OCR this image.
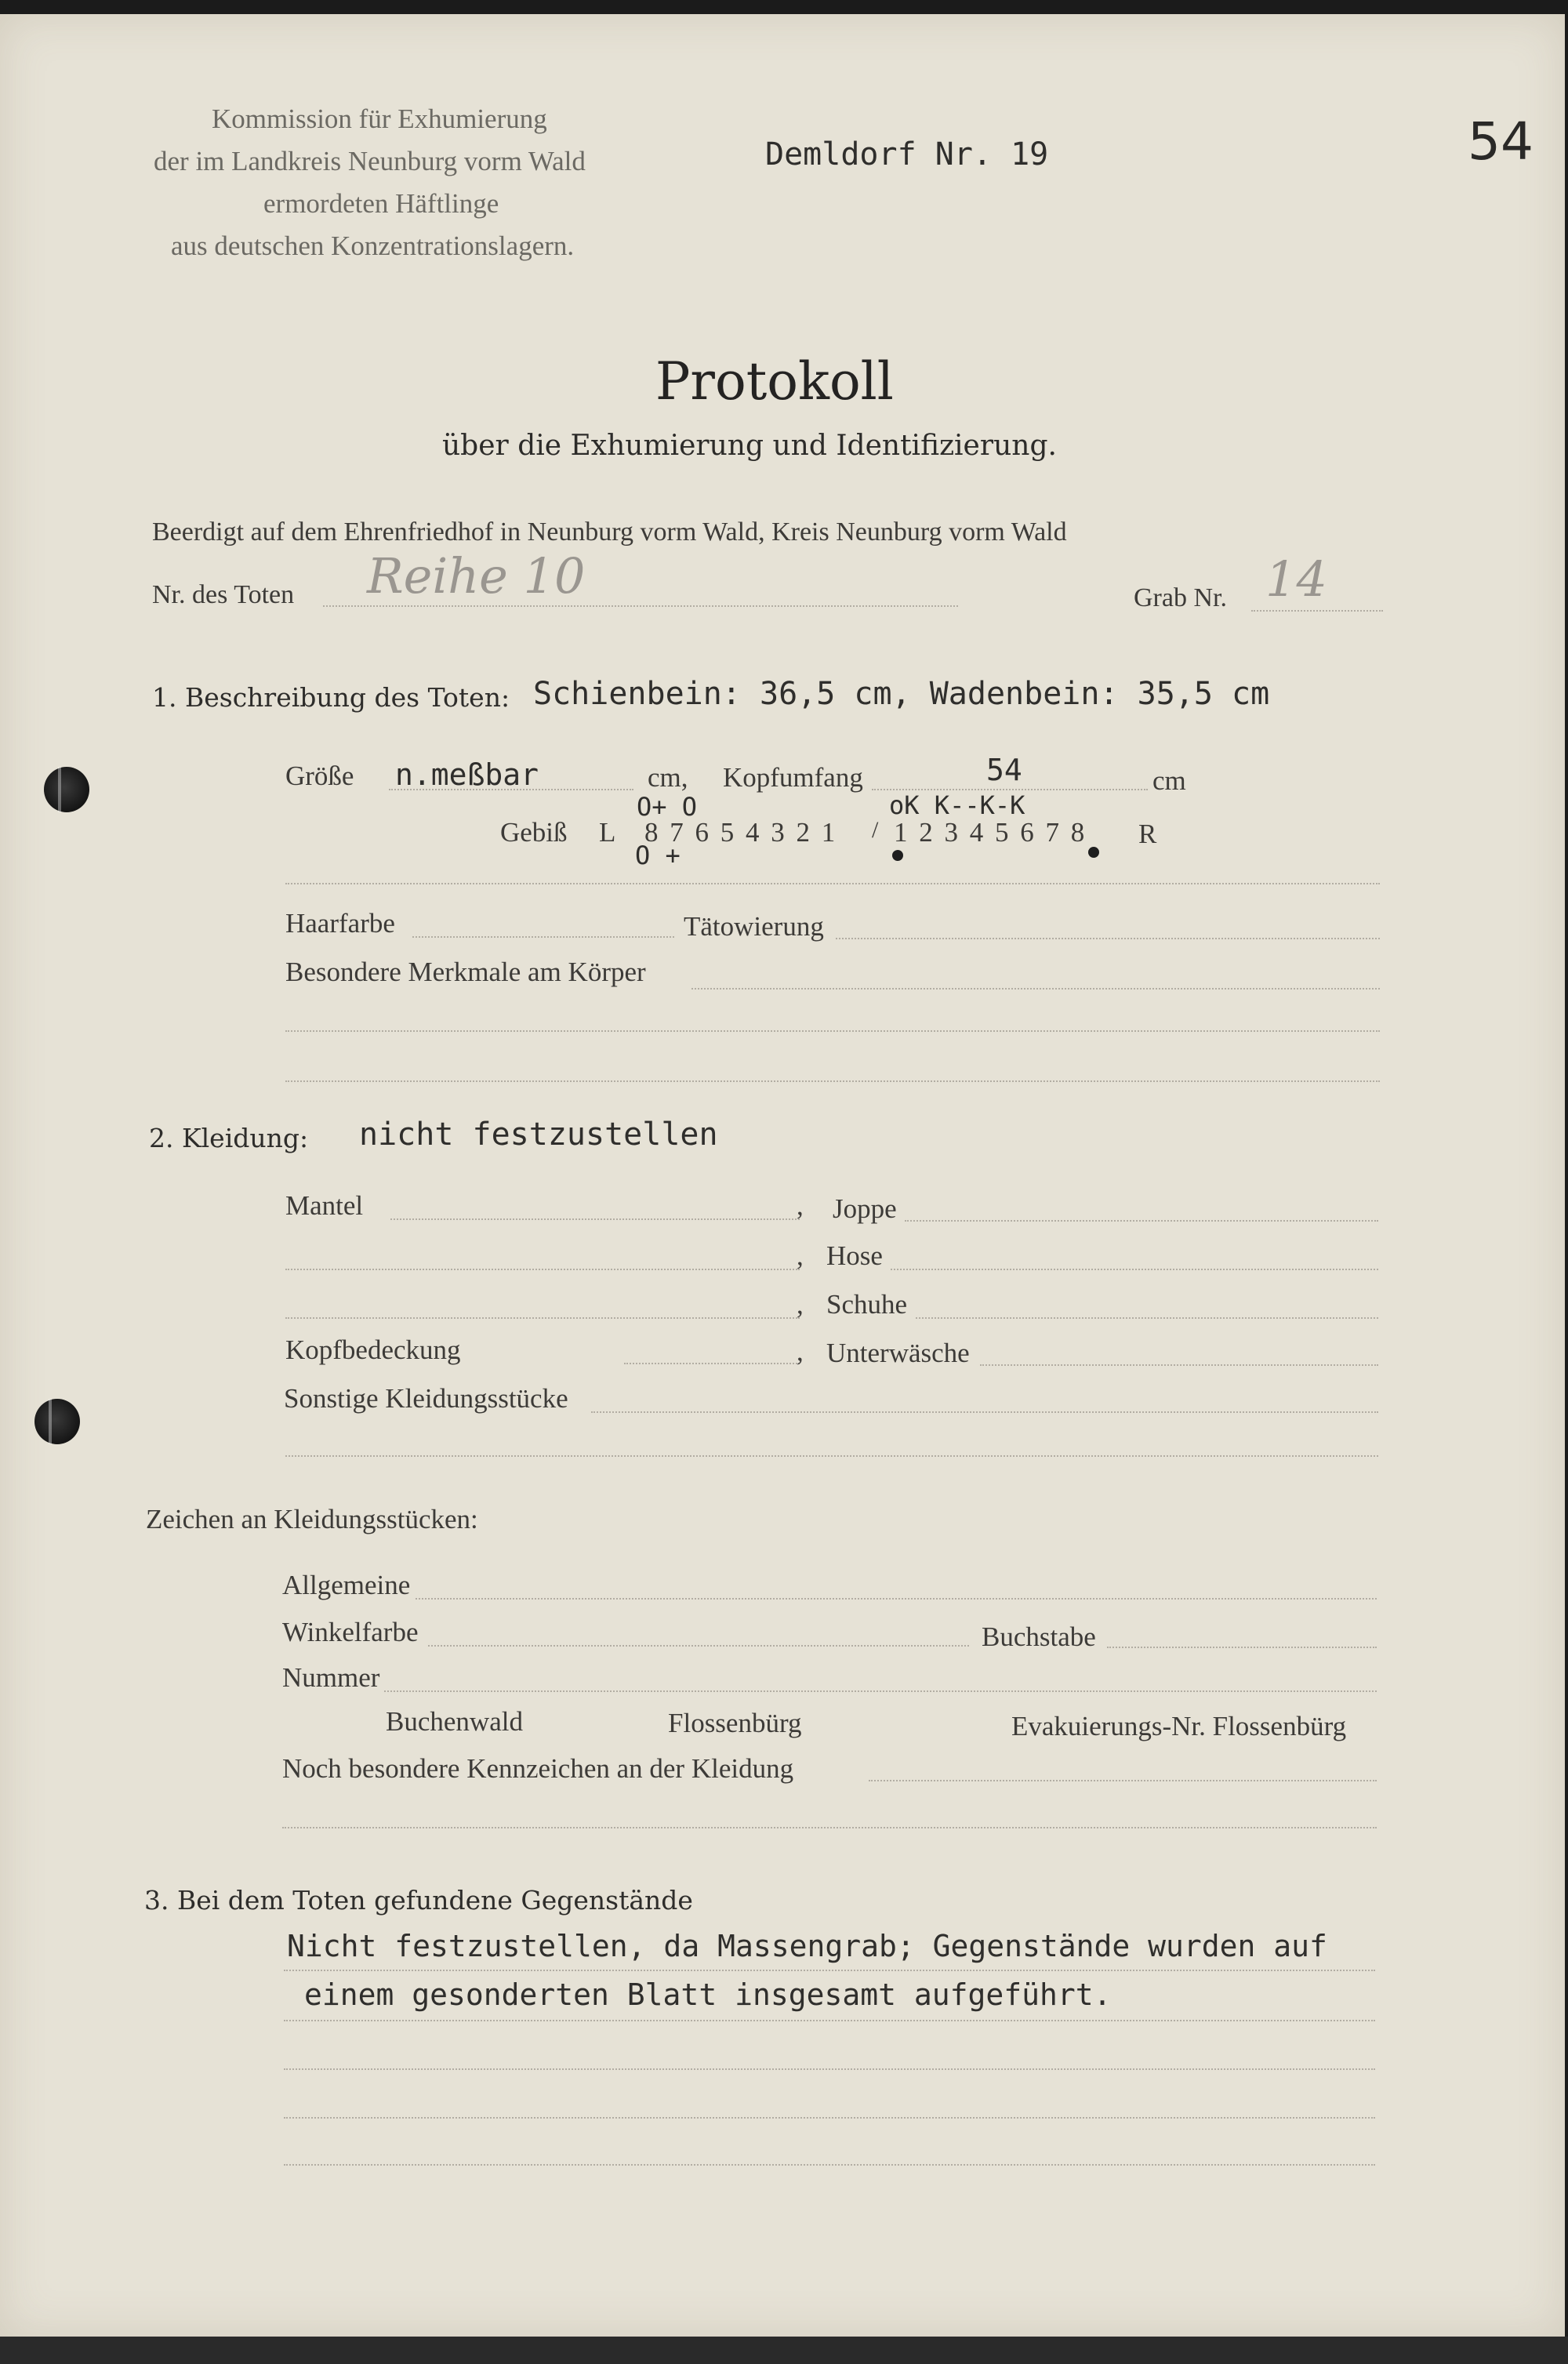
Kommission für Exhumierung
der im Landkreis Neunburg vorm Wald
ermordeten Häftlinge
aus deutschen Konzentrationslagern.
Demldorf Nr. 19	54
Protokoll
über die Exhumierung und Identifizierung.
Beerdigt auf dem Ehrenfriedhof in Neunburg vorm Wald, Kreis Neunburg vorm Wald
Nr. des Toten Reihe 10	Grab Nr. 14
1. Beschreibung des Toten: Schienbein: 36,5 cm, Wadenbein: 35,5 cm
Größe n.meßbar	cm, Kopfumfang	54	cm
O+ O	oK K--K-K
Gebiß L 8 7 6 5 4 3 2 1 / 1 2 3 4 5 6 7 8 R
O +
Haarfarbe	Tätowierung
Besondere Merkmale am Körper
2. Kleidung: nicht festzustellen
Mantel	, Joppe
, Hose
, Schuhe
Kopfbedeckung	, Unterwäsche
Sonstige Kleidungsstücke
Zeichen an Kleidungsstücken:
Allgemeine
Winkelfarbe	Buchstabe
Nummer
Buchenwald	Flossenbürg	Evakuierungs-Nr. Flossenbürg
Noch besondere Kennzeichen an der Kleidung
3. Bei dem Toten gefundene Gegenstände
Nicht festzustellen, da Massengrab; Gegenstände wurden auf
einem gesonderten Blatt insgesamt aufgeführt.
